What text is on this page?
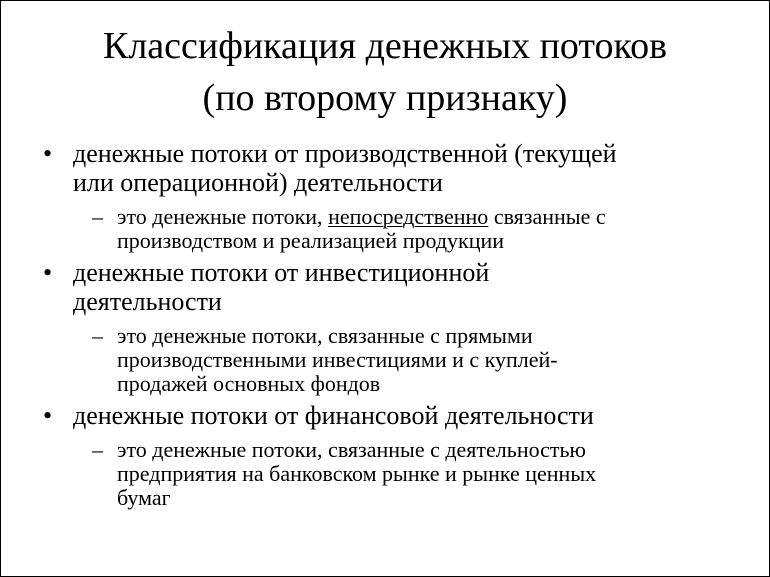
Классификация денежных потоков
(по второму признаку)
• денежные потоки от производственной (текущей
или операционной) деятельности
– это денежные потоки, непосредственно связанные с
производством и реализацией продукции
• денежные потоки от инвестиционной
деятельности
– это денежные потоки, связанные с прямыми
производственными инвестициями и с куплей-
продажей основных фондов
• денежные потоки от финансовой деятельности
– это денежные потоки, связанные с деятельностью
предприятия на банковском рынке и рынке ценных
бумаг
